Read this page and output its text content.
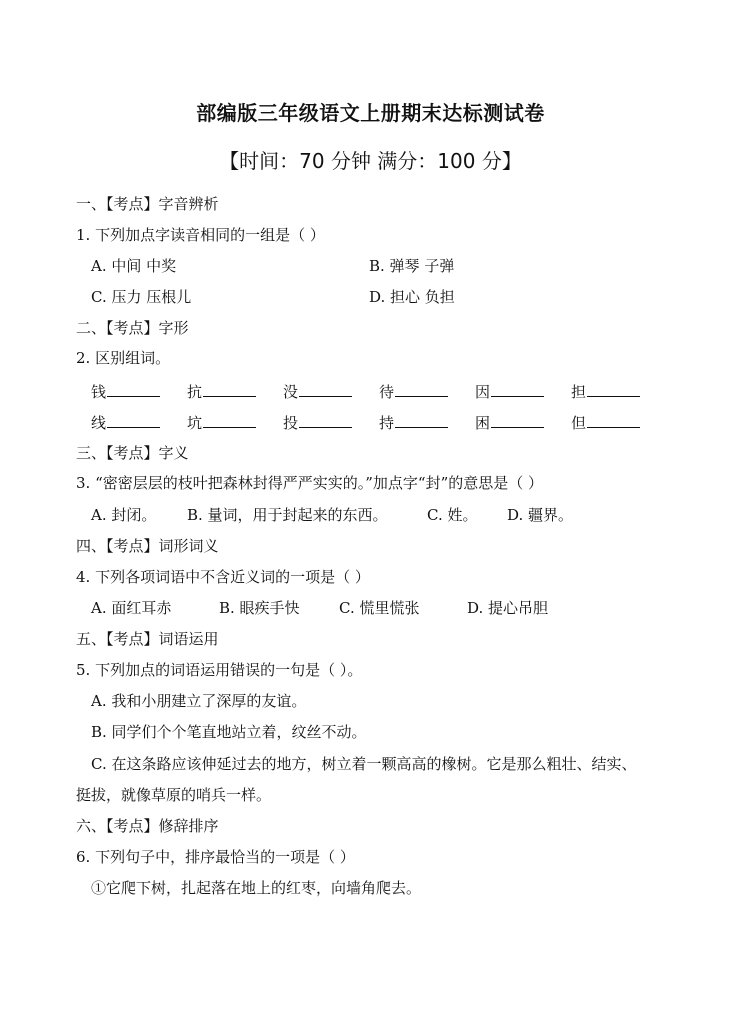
部编版三年级语文上册期末达标测试卷
【时间：70 分钟 满分：100 分】
一、【考点】字音辨析
1. 下列加点字读音相同的一组是（ ）
A. 中间 中奖	B. 弹琴 子弹
C. 压力 压根儿	D. 担心 负担
二、【考点】字形
2. 区别组词。
钱	抗	没	待	因	担
线	坑	投	持	困	但
三、【考点】字义
3. “密密层层的枝叶把森林封得严严实实的。”加点字“封”的意思是（ ）
A. 封闭。 B. 量词，用于封起来的东西。	C. 姓。 D. 疆界。
四、【考点】词形词义
4. 下列各项词语中不含近义词的一项是（ ）
A. 面红耳赤	B. 眼疾手快	C. 慌里慌张	D. 提心吊胆
五、【考点】词语运用
5. 下列加点的词语运用错误的一句是（ ）。
A. 我和小朋建立了深厚的友谊。
B. 同学们个个笔直地站立着，纹丝不动。
C. 在这条路应该伸延过去的地方，树立着一颗高高的橡树。它是那么粗壮、结实、
挺拔，就像草原的哨兵一样。
六、【考点】修辞排序
6. 下列句子中，排序最恰当的一项是（ ）
①它爬下树，扎起落在地上的红枣，向墙角爬去。
